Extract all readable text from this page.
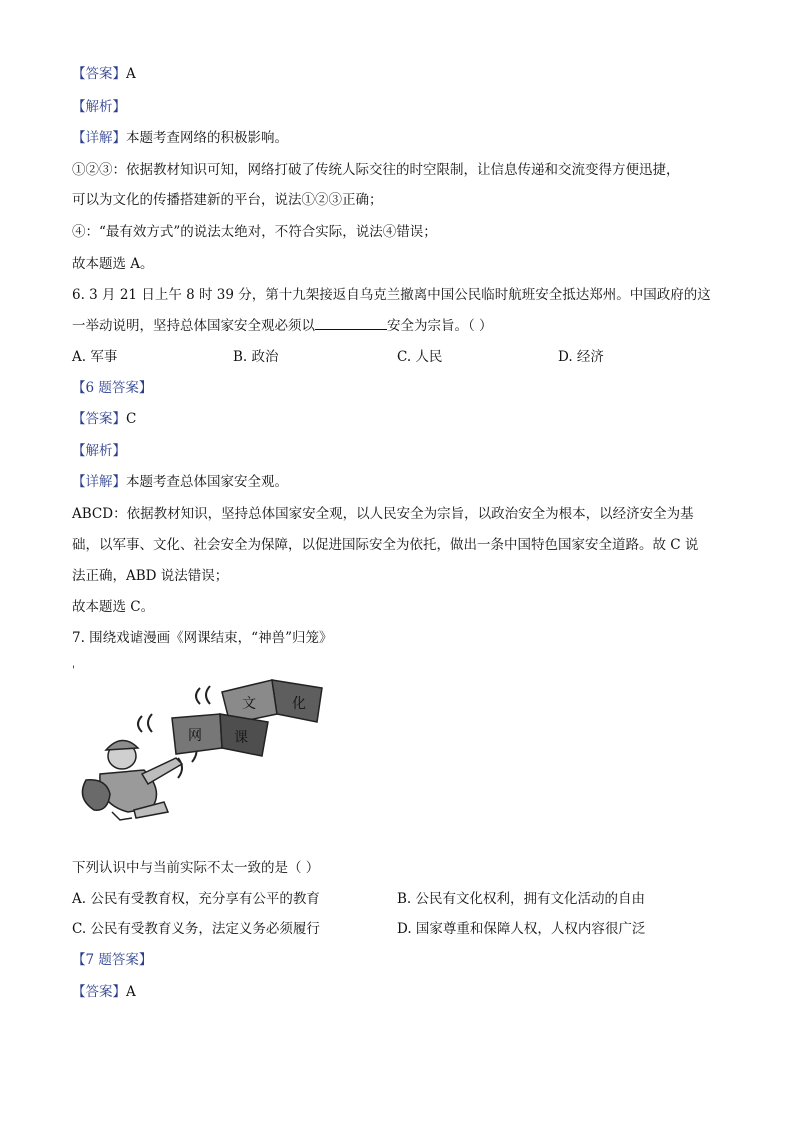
【答案】A
【解析】
【详解】本题考查网络的积极影响。
①②③：依据教材知识可知，网络打破了传统人际交往的时空限制，让信息传递和交流变得方便迅捷，
可以为文化的传播搭建新的平台，说法①②③正确；
④：“最有效方式”的说法太绝对，不符合实际，说法④错误；
故本题选 A。
6. 3 月 21 日上午 8 时 39 分，第十九架接返自乌克兰撤离中国公民临时航班安全抵达郑州。中国政府的这
一举动说明，坚持总体国家安全观必须以	安全为宗旨。（ ）
A. 军事	B. 政治	C. 人民	D. 经济
【6 题答案】
【答案】C
【解析】
【详解】本题考查总体国家安全观。
ABCD：依据教材知识，坚持总体国家安全观，以人民安全为宗旨，以政治安全为根本，以经济安全为基
础，以军事、文化、社会安全为保障，以促进国际安全为依托，做出一条中国特色国家安全道路。故 C 说
法正确，ABD 说法错误；
故本题选 C。
7. 围绕戏谑漫画《网课结束，“神兽”归笼》
'
文	化
网 课
下列认识中与当前实际不太一致的是（ ）
A. 公民有受教育权，充分享有公平的教育	B. 公民有文化权利，拥有文化活动的自由
C. 公民有受教育义务，法定义务必须履行	D. 国家尊重和保障人权，人权内容很广泛
【7 题答案】
【答案】A
